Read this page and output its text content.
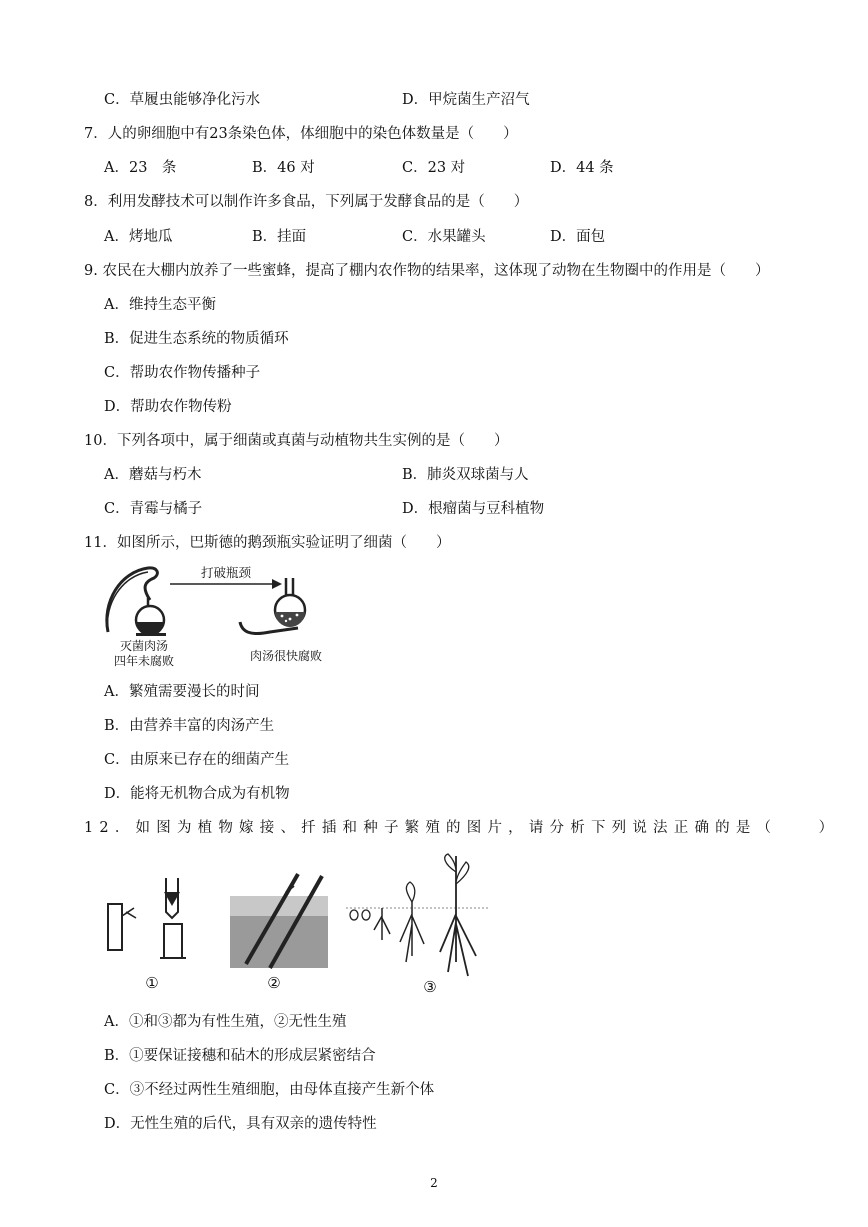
C．草履虫能够净化污水	D．甲烷菌生产沼气
7．人的卵细胞中有23条染色体，体细胞中的染色体数量是（　　）
A．23　条	B．46 对	C．23 对	D．44 条
8．利用发酵技术可以制作许多食品，下列属于发酵食品的是（　　）
A．烤地瓜	B．挂面	C．水果罐头	D．面包
9. 农民在大棚内放养了一些蜜蜂，提高了棚内农作物的结果率，这体现了动物在生物圈中的作用是（　　）
A．维持生态平衡
B．促进生态系统的物质循环
C．帮助农作物传播种子
D．帮助农作物传粉
10．下列各项中，属于细菌或真菌与动植物共生实例的是（　　）
A．蘑菇与朽木	B．肺炎双球菌与人
C．青霉与橘子	D．根瘤菌与豆科植物
11．如图所示，巴斯德的鹅颈瓶实验证明了细菌（　　）
打破瓶颈
灭菌肉汤
四年未腐败	肉汤很快腐败
A．繁殖需要漫长的时间
B．由营养丰富的肉汤产生
C．由原来已存在的细菌产生
D．能将无机物合成为有机物
12．如图为植物嫁接、扦插和种子繁殖的图片，请分析下列说法正确的是（　　）
①	②	③
A．①和③都为有性生殖，②无性生殖
B．①要保证接穗和砧木的形成层紧密结合
C．③不经过两性生殖细胞，由母体直接产生新个体
D．无性生殖的后代，具有双亲的遗传特性
2
